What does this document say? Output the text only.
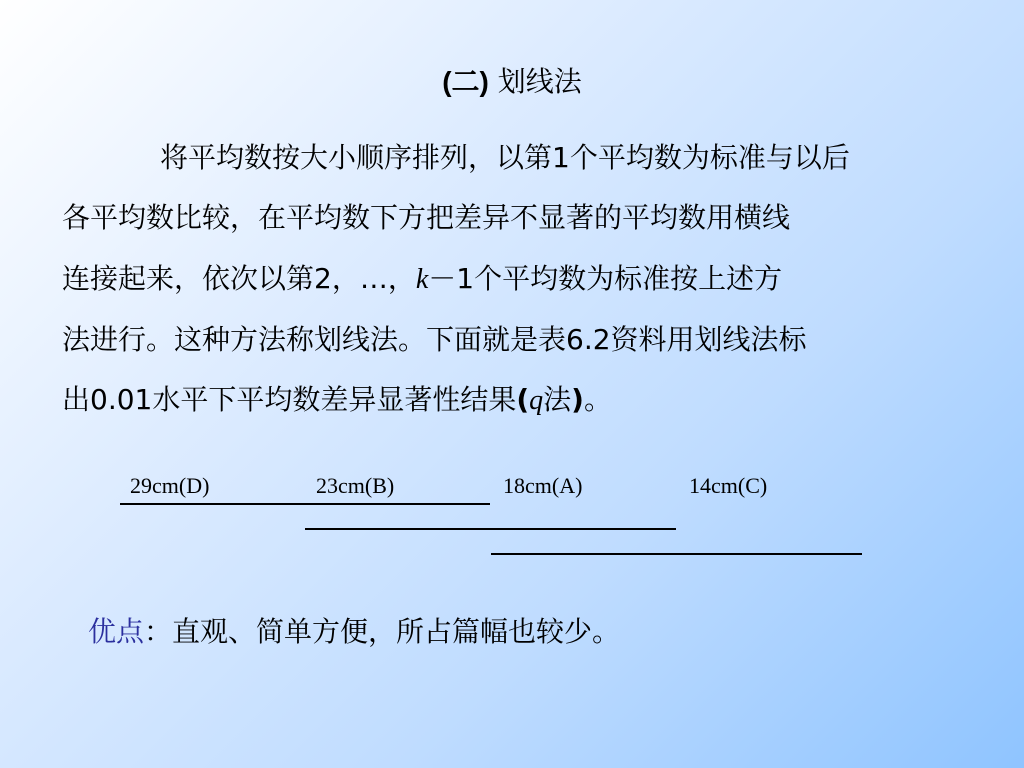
(二) 划线法
将平均数按大小顺序排列，以第1个平均数为标准与以后
各平均数比较，在平均数下方把差异不显著的平均数用横线
连接起来，依次以第2，…，k－1个平均数为标准按上述方
法进行。这种方法称划线法。下面就是表6.2资料用划线法标
出0.01水平下平均数差异显著性结果(q法)。
29cm(D)	23cm(B)	18cm(A)	14cm(C)
优点：直观、简单方便，所占篇幅也较少。
